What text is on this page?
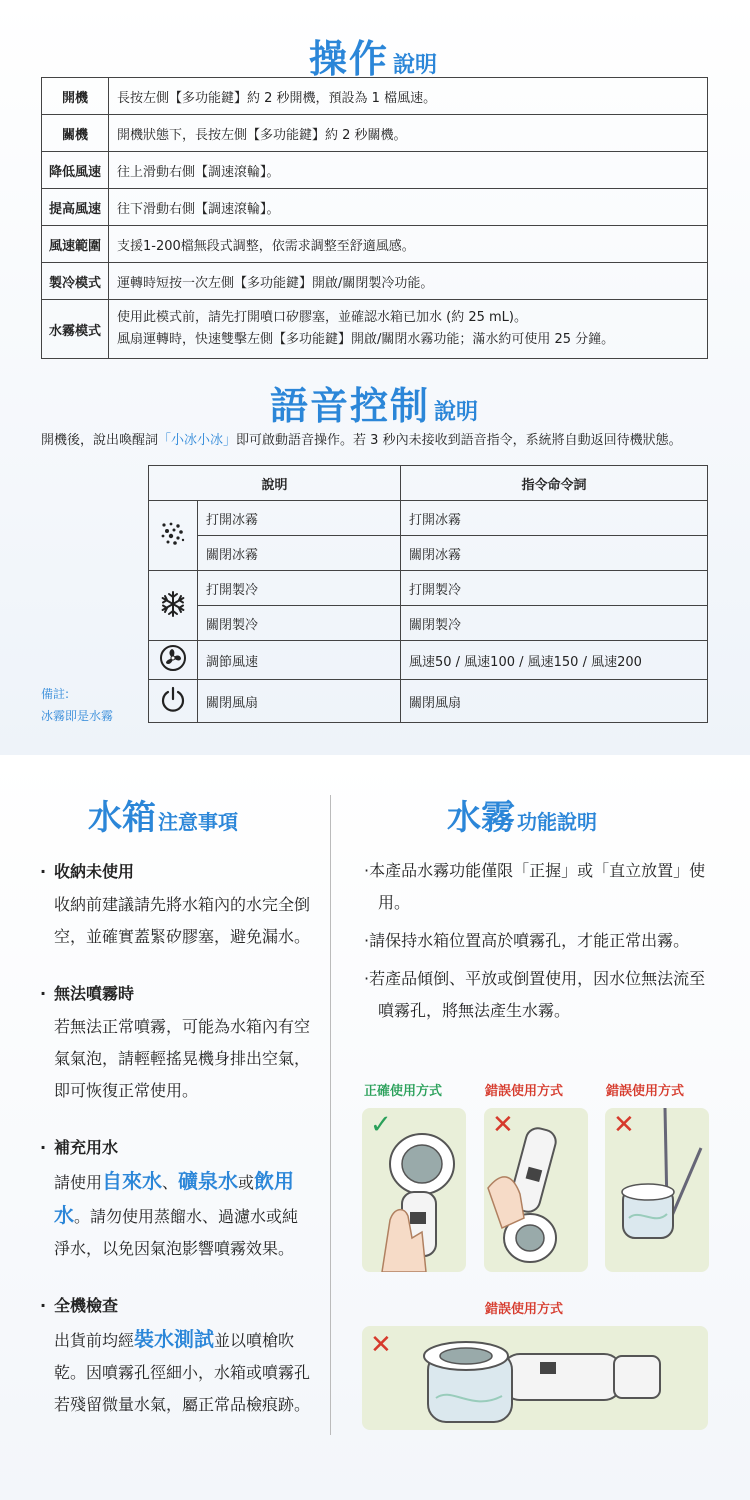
操作 說明
開機	長按左側【多功能鍵】約 2 秒開機，預設為 1 檔風速。
關機	開機狀態下，長按左側【多功能鍵】約 2 秒關機。
降低風速	往上滑動右側【調速滾輪】。
提高風速	往下滑動右側【調速滾輪】。
風速範圍	支援1-200檔無段式調整，依需求調整至舒適風感。
製冷模式	運轉時短按一次左側【多功能鍵】開啟/關閉製冷功能。
水霧模式	使用此模式前，請先打開噴口矽膠塞，並確認水箱已加水 (約 25 mL)。
風扇運轉時，快速雙擊左側【多功能鍵】開啟/關閉水霧功能；滿水約可使用 25 分鐘。
語音控制 說明
開機後，說出喚醒詞「小冰小冰」即可啟動語音操作。若 3 秒內未接收到語音指令，系統將自動返回待機狀態。
說明		指令命令詞
	打開冰霧	打開冰霧
	關閉冰霧	關閉冰霧
	打開製冷	打開製冷
	關閉製冷	關閉製冷
	調節風速	風速50 / 風速100 / 風速150 / 風速200
	關閉風扇	關閉風扇
備註:
冰霧即是水霧
水箱 注意事項	水霧 功能說明
· 收納未使用
收納前建議請先將水箱內的水完全倒空，並確實蓋緊矽膠塞，避免漏水。
· 無法噴霧時
若無法正常噴霧，可能為水箱內有空氣氣泡，請輕輕搖晃機身排出空氣，即可恢復正常使用。
· 補充用水
請使用自來水、礦泉水或飲用水。請勿使用蒸餾水、過濾水或純淨水，以免因氣泡影響噴霧效果。
· 全機檢查
出貨前均經裝水測試並以噴槍吹乾。因噴霧孔徑細小，水箱或噴霧孔若殘留微量水氣，屬正常品檢痕跡。
·本產品水霧功能僅限「正握」或「直立放置」使用。
·請保持水箱位置高於噴霧孔，才能正常出霧。
·若產品傾倒、平放或倒置使用，因水位無法流至噴霧孔，將無法產生水霧。
正確使用方式	錯誤使用方式	錯誤使用方式
錯誤使用方式
✓	✕	✕
✕
